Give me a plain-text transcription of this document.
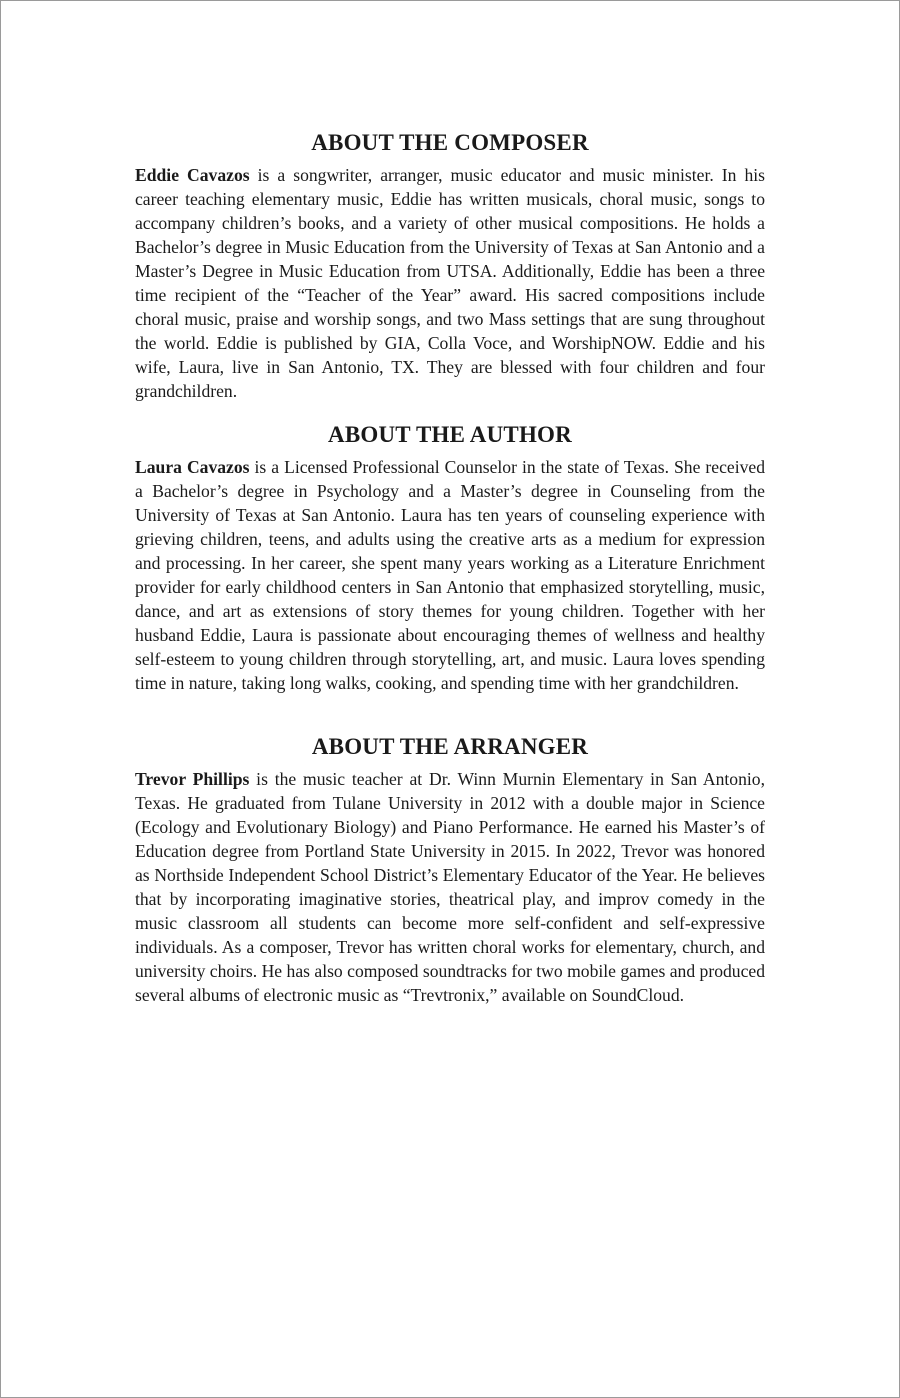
ABOUT THE COMPOSER

Eddie Cavazos is a songwriter, arranger, music educator and music minister. In his career teaching elementary music, Eddie has written musicals, choral music, songs to accompany children’s books, and a variety of other musical compositions. He holds a Bachelor’s degree in Music Education from the University of Texas at San Antonio and a Master’s Degree in Music Education from UTSA. Additionally, Eddie has been a three time recipient of the “Teacher of the Year” award. His sacred compositions include choral music, praise and worship songs, and two Mass settings that are sung throughout the world. Eddie is published by GIA, Colla Voce, and WorshipNOW. Eddie and his wife, Laura, live in San Antonio, TX. They are blessed with four children and four grandchildren.

ABOUT THE AUTHOR

Laura Cavazos is a Licensed Professional Counselor in the state of Texas. She received a Bachelor’s degree in Psychology and a Master’s degree in Counseling from the University of Texas at San Antonio. Laura has ten years of counseling experience with grieving children, teens, and adults using the creative arts as a medium for expression and processing. In her career, she spent many years working as a Literature Enrichment provider for early childhood centers in San Antonio that emphasized storytelling, music, dance, and art as extensions of story themes for young children. Together with her husband Eddie, Laura is passionate about encouraging themes of wellness and healthy self-esteem to young children through storytelling, art, and music. Laura loves spending time in nature, taking long walks, cooking, and spending time with her grandchildren.

ABOUT THE ARRANGER

Trevor Phillips is the music teacher at Dr. Winn Murnin Elementary in San Antonio, Texas. He graduated from Tulane University in 2012 with a double major in Science (Ecology and Evolutionary Biology) and Piano Performance. He earned his Master’s of Education degree from Portland State University in 2015. In 2022, Trevor was honored as Northside Independent School District’s Elementary Educator of the Year. He believes that by incorporating imaginative stories, theatrical play, and improv comedy in the music classroom all students can become more self-confident and self-expressive individuals. As a composer, Trevor has written choral works for elementary, church, and university choirs. He has also composed soundtracks for two mobile games and produced several albums of electronic music as “Trevtronix,” available on SoundCloud.
